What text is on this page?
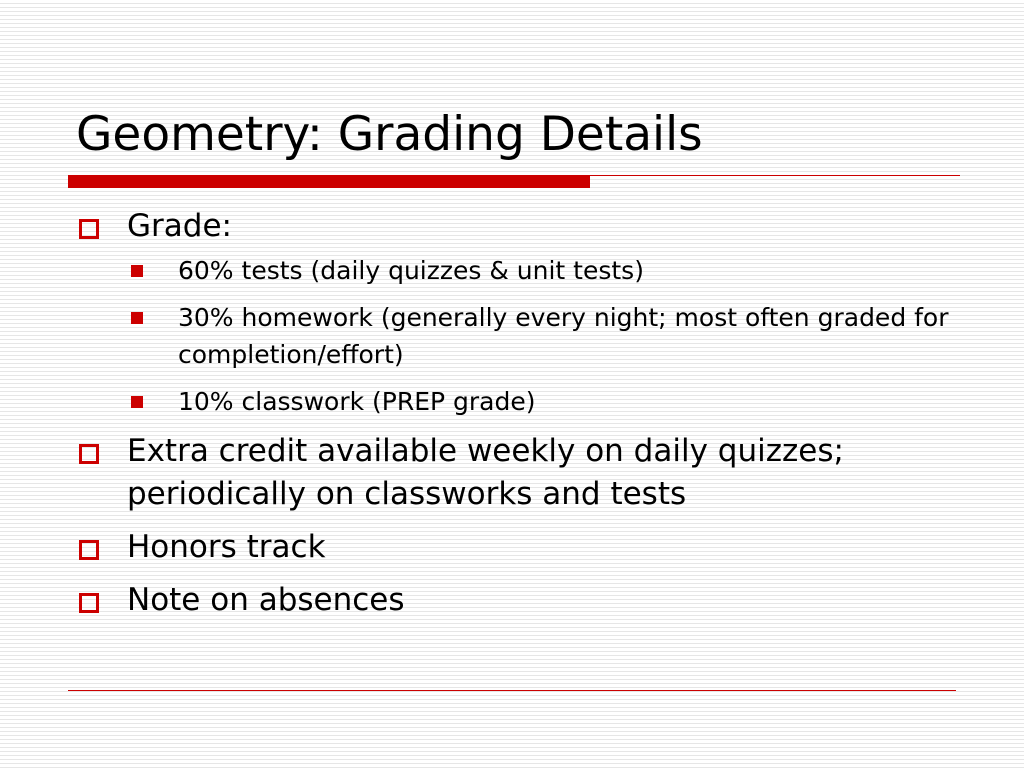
Geometry: Grading Details
Grade:
60% tests (daily quizzes & unit tests)
30% homework (generally every night; most often graded for completion/effort)
10% classwork (PREP grade)
Extra credit available weekly on daily quizzes; periodically on classworks and tests
Honors track
Note on absences
